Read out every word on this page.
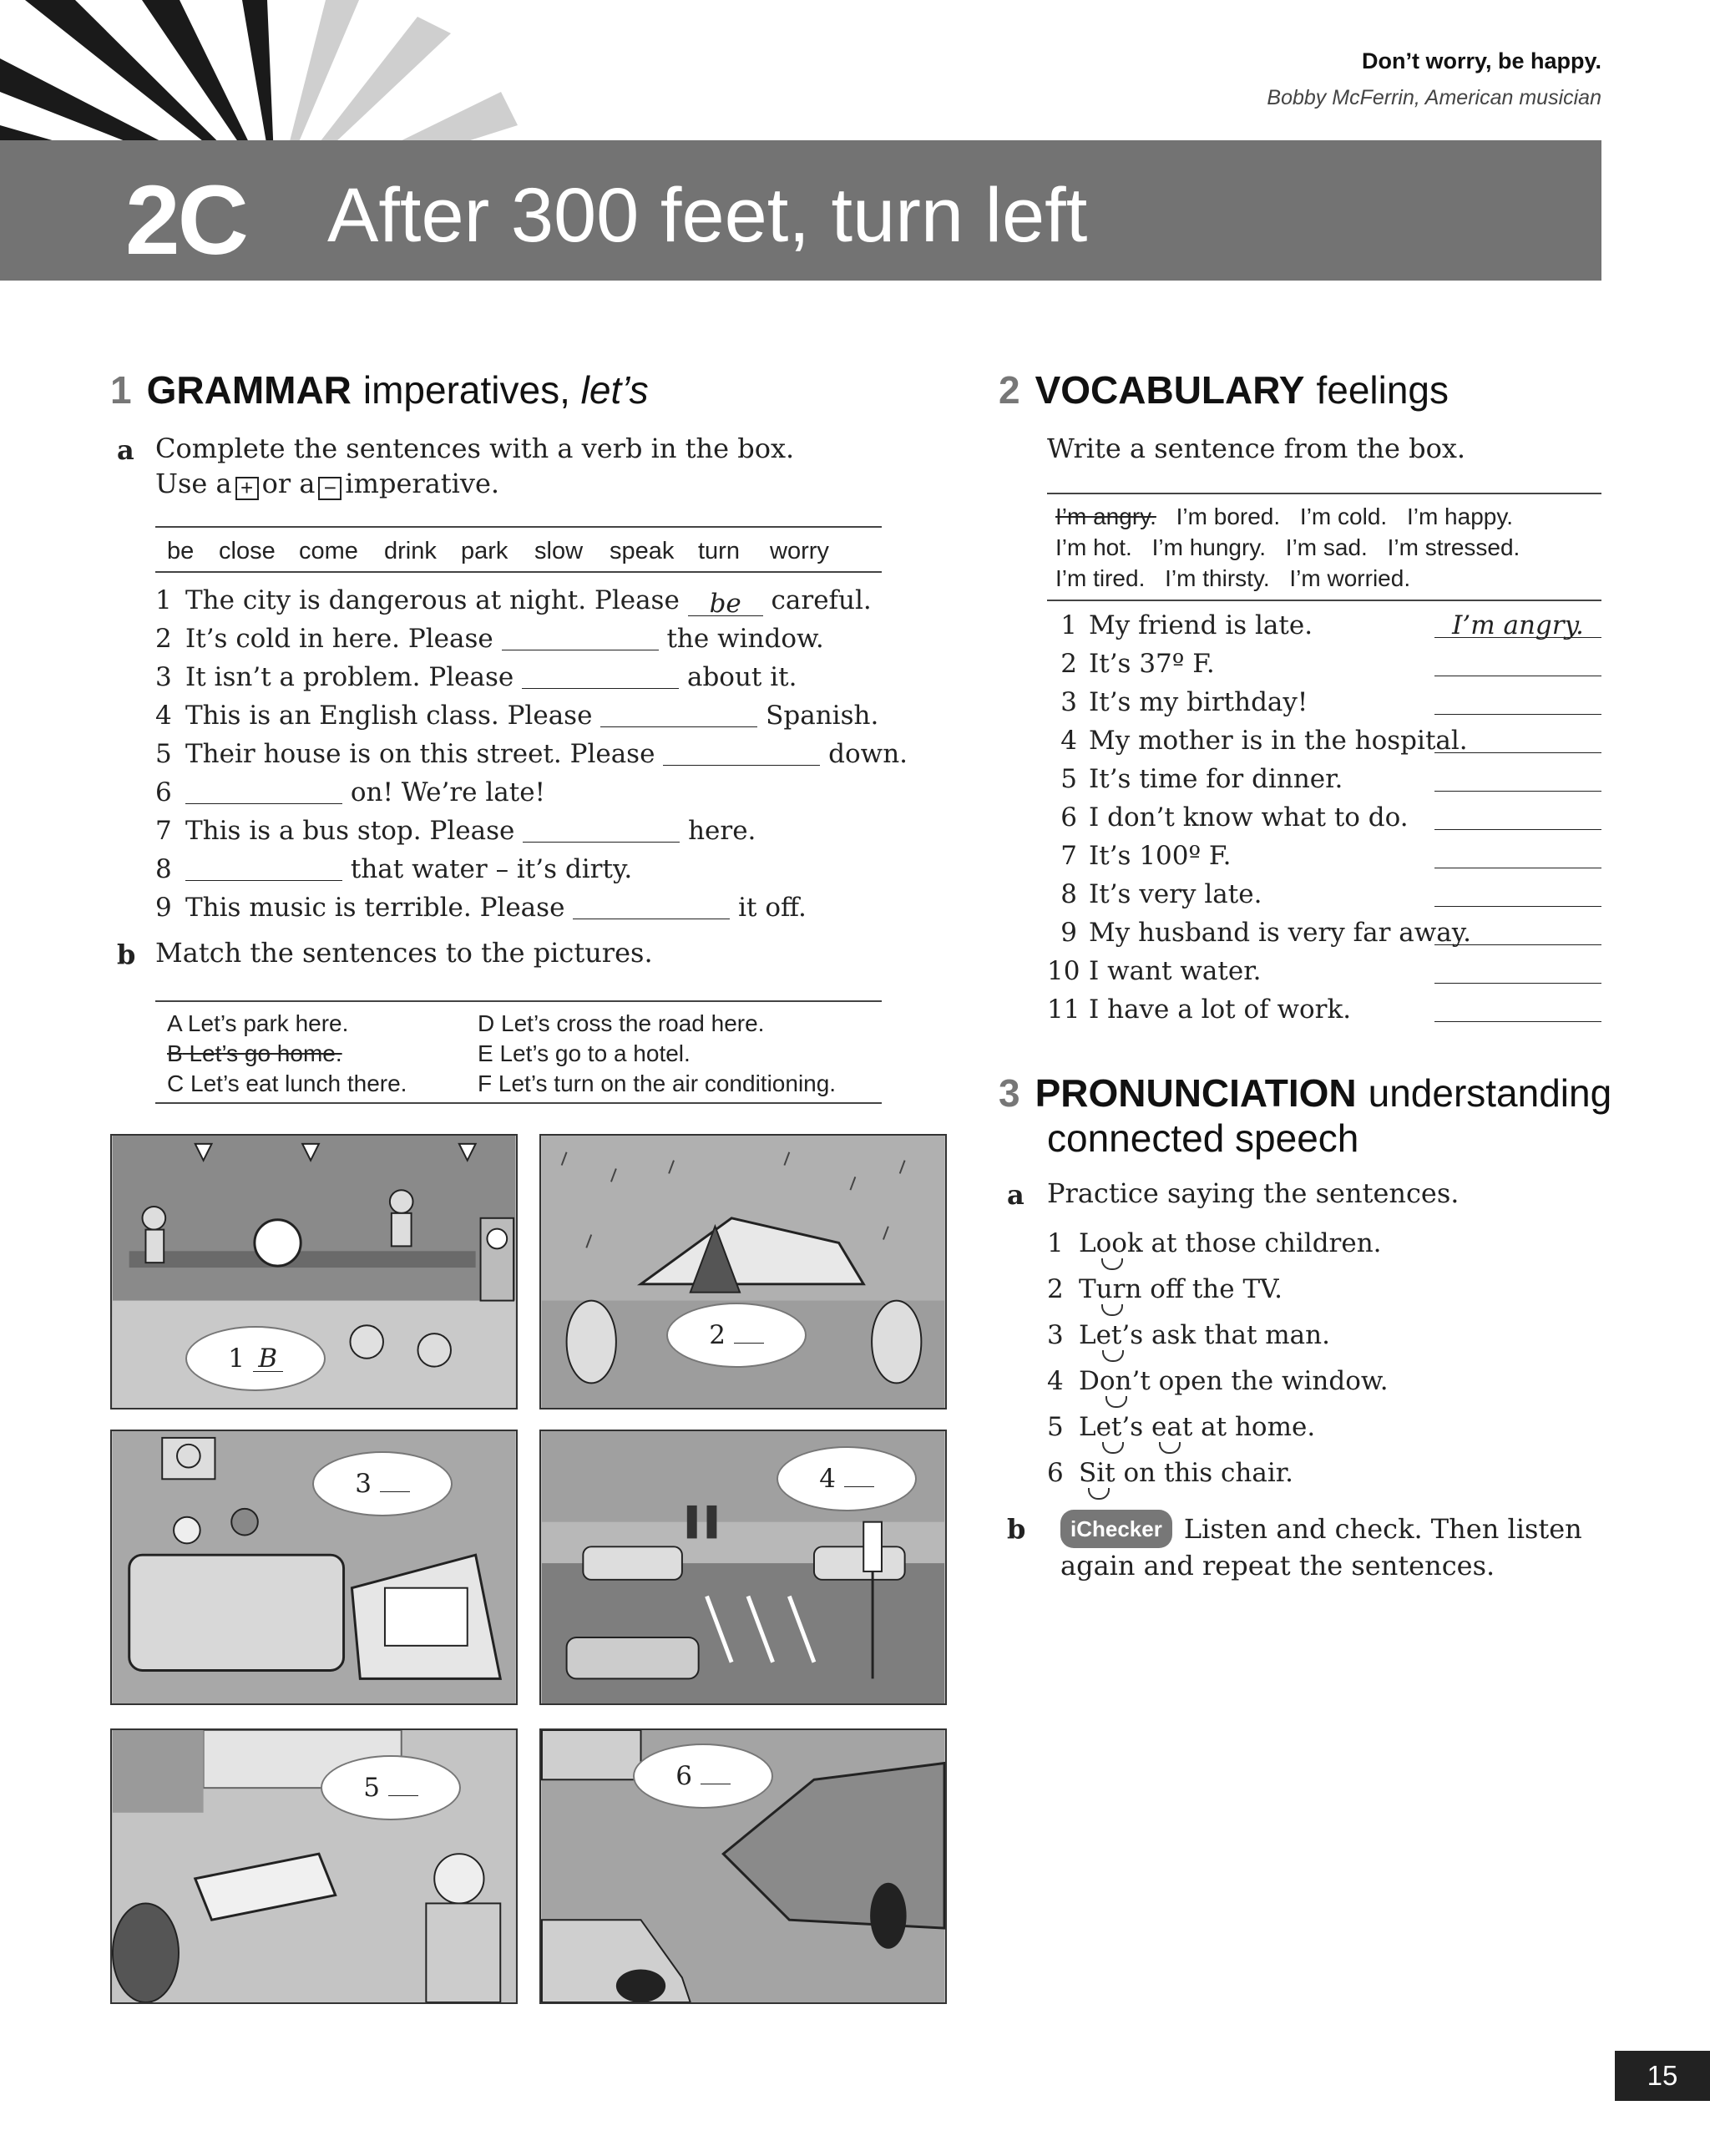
Don’t worry, be happy.
Bobby McFerrin, American musician
2C After 300 feet, turn left
1 GRAMMAR imperatives, let’s
a Complete the sentences with a verb in the box.
Use a + or a − imperative.
be close come drink park slow speak turn worry
1 The city is dangerous at night. Please be careful.
2 It’s cold in here. Please	the window.
3 It isn’t a problem. Please	about it.
4 This is an English class. Please	Spanish.
5 Their house is on this street. Please	down.
6	on! We’re late!
7 This is a bus stop. Please	here.
8	that water – it’s dirty.
9 This music is terrible. Please	it off.
b Match the sentences to the pictures.
A Let’s park here.
B Let’s go home.
C Let’s eat lunch there.
D Let’s cross the road here.
E Let’s go to a hotel.
F Let’s turn on the air conditioning.
1 B
2
3	4
5	6
2 VOCABULARY feelings
Write a sentence from the box.
I’m angry. I’m bored. I’m cold. I’m happy.
I’m hot. I’m hungry. I’m sad. I’m stressed.
I’m tired. I’m thirsty. I’m worried.
1 My friend is late.	I’m angry.
2 It’s 37º F.
3 It’s my birthday!
4 My mother is in the hospital.
5 It’s time for dinner.
6 I don’t know what to do.
7 It’s 100º F.
8 It’s very late.
9 My husband is very far away.
10 I want water.
11 I have a lot of work.
3 PRONUNCIATION understanding
connected speech
a Practice saying the sentences.
1 Look at those children.
2 Turn off the TV.
3 Let’s ask that man.
4 Don’t open the window.
5 Let’s eat at home.
6 Sit on this chair.
b	iChecker Listen and check. Then listen
again and repeat the sentences.
15
